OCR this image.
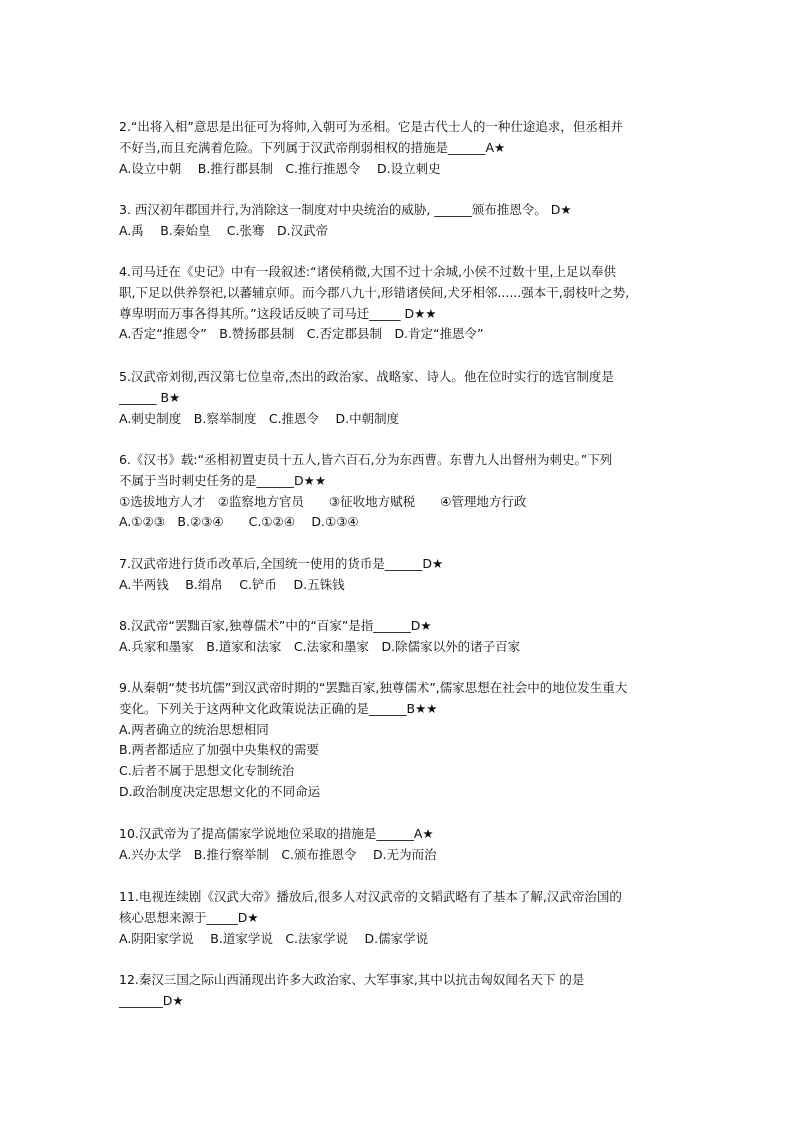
2.“出将入相”意思是出征可为将帅,入朝可为丞相。它是古代士人的一种仕途追求，但丞相并
不好当,而且充满着危险。下列属于汉武帝削弱相权的措施是______A★
A.设立中朝　 B.推行郡县制　C.推行推恩令　 D.设立刺史
3. 西汉初年郡国并行,为消除这一制度对中央统治的威胁, ______颁布推恩令。 D★
A.禹　 B.秦始皇　 C.张骞　D.汉武帝
4.司马迁在《史记》中有一段叙述:“诸侯稍微,大国不过十余城,小侯不过数十里,上足以奉供
职,下足以供养祭祀,以蕃辅京师。而今郡八九十,形错诸侯间,犬牙相邻......强本干,弱枝叶之势,
尊卑明而万事各得其所。”这段话反映了司马迁_____ D★★
A.否定“推恩令”　B.赞扬郡县制　C.否定郡县制　D.肯定“推恩令”
5.汉武帝刘彻,西汉第七位皇帝,杰出的政治家、战略家、诗人。他在位时实行的选官制度是
______ B★
A.刺史制度　B.察举制度　C.推恩令　 D.中朝制度
6.《汉书》载:“丞相初置吏员十五人,皆六百石,分为东西曹。东曹九人出督州为刺史。”下列
不属于当时刺史任务的是______D★★
①选拔地方人才　②监察地方官员　　③征收地方赋税　　④管理地方行政
A.①②③　B.②③④　　C.①②④　 D.①③④
7.汉武帝进行货币改革后,全国统一使用的货币是______D★
A.半两钱　 B.绢帛　 C.铲币　 D.五铢钱
8.汉武帝“罢黜百家,独尊儒术”中的“百家”是指______D★
A.兵家和墨家　B.道家和法家　C.法家和墨家　D.除儒家以外的诸子百家
9.从秦朝“焚书坑儒”到汉武帝时期的“罢黜百家,独尊儒术”,儒家思想在社会中的地位发生重大
变化。下列关于这两种文化政策说法正确的是______B★★
A.两者确立的统治思想相同
B.两者都适应了加强中央集权的需要
C.后者不属于思想文化专制统治
D.政治制度决定思想文化的不同命运
10.汉武帝为了提高儒家学说地位采取的措施是______A★
A.兴办太学　B.推行察举制　C.颁布推恩令　 D.无为而治
11.电视连续剧《汉武大帝》播放后,很多人对汉武帝的文韬武略有了基本了解,汉武帝治国的
核心思想来源于_____D★
A.阴阳家学说　 B.道家学说　C.法家学说　 D.儒家学说
12.秦汉三国之际山西涌现出许多大政治家、大军事家,其中以抗击匈奴闻名天下 的是
_______D★
